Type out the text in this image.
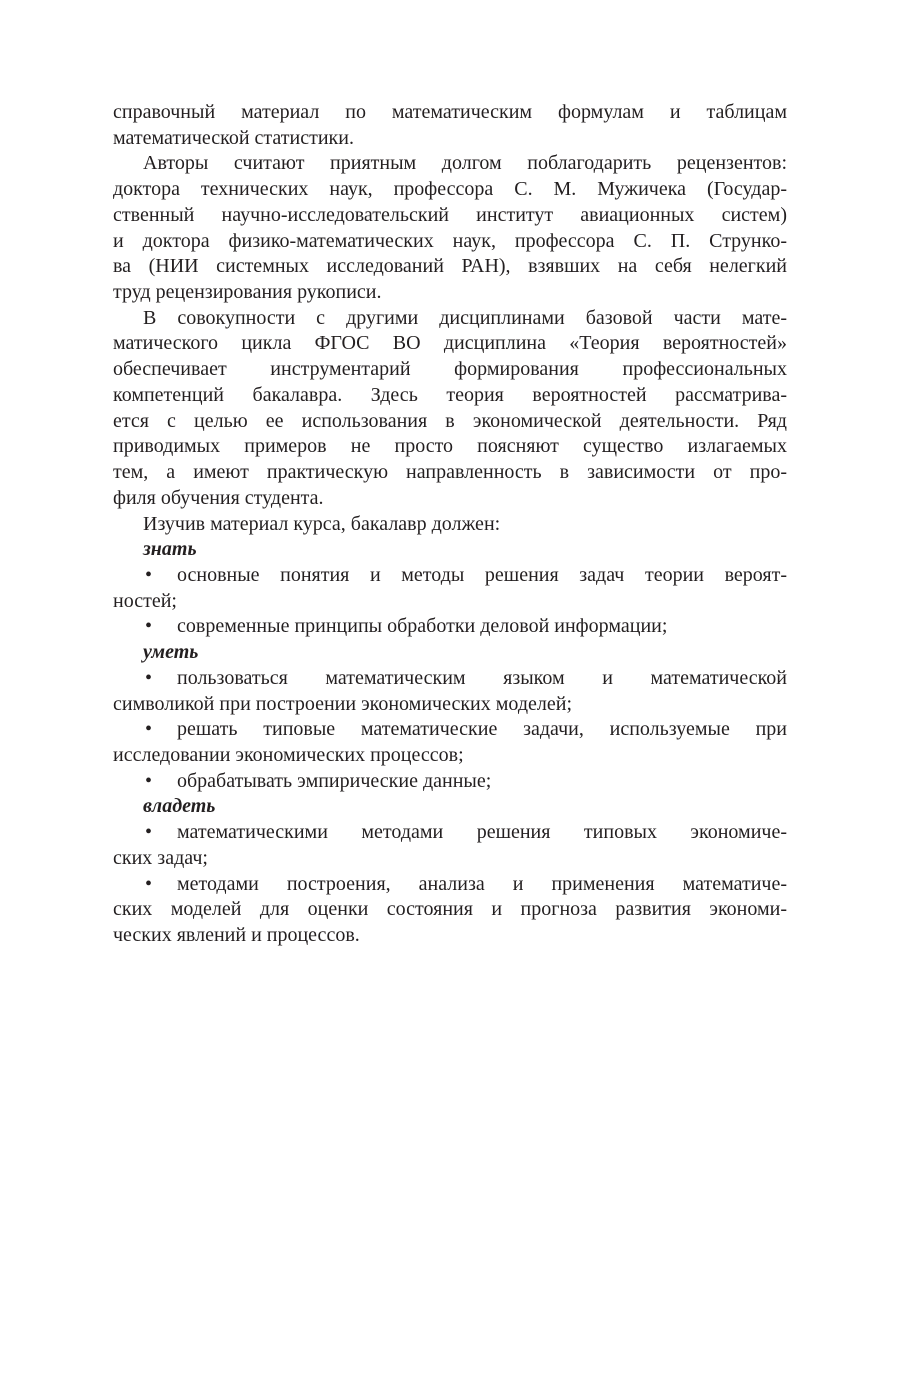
справочный материал по математическим формулам и таблицам
математической статистики.
Авторы считают приятным долгом поблагодарить рецензентов:
доктора технических наук, профессора С. М. Мужичека (Государ-
ственный научно-исследовательский институт авиационных систем)
и доктора физико-математических наук, профессора С. П. Струнко-
ва (НИИ системных исследований РАН), взявших на себя нелегкий
труд рецензирования рукописи.
В совокупности с другими дисциплинами базовой части мате-
матического цикла ФГОС ВО дисциплина «Теория вероятностей»
обеспечивает инструментарий формирования профессиональных
компетенций бакалавра. Здесь теория вероятностей рассматрива-
ется с целью ее использования в экономической деятельности. Ряд
приводимых примеров не просто поясняют существо излагаемых
тем, а имеют практическую направленность в зависимости от про-
филя обучения студента.
Изучив материал курса, бакалавр должен:
знать
•	основные понятия и методы решения задач теории вероят-
ностей;
•	современные принципы обработки деловой информации;
уметь
•	пользоваться математическим языком и математической
символикой при построении экономических моделей;
•	решать типовые математические задачи, используемые при
исследовании экономических процессов;
•	обрабатывать эмпирические данные;
владеть
•	математическими методами решения типовых экономиче-
ских задач;
•	методами построения, анализа и применения математиче-
ских моделей для оценки состояния и прогноза развития экономи-
ческих явлений и процессов.
